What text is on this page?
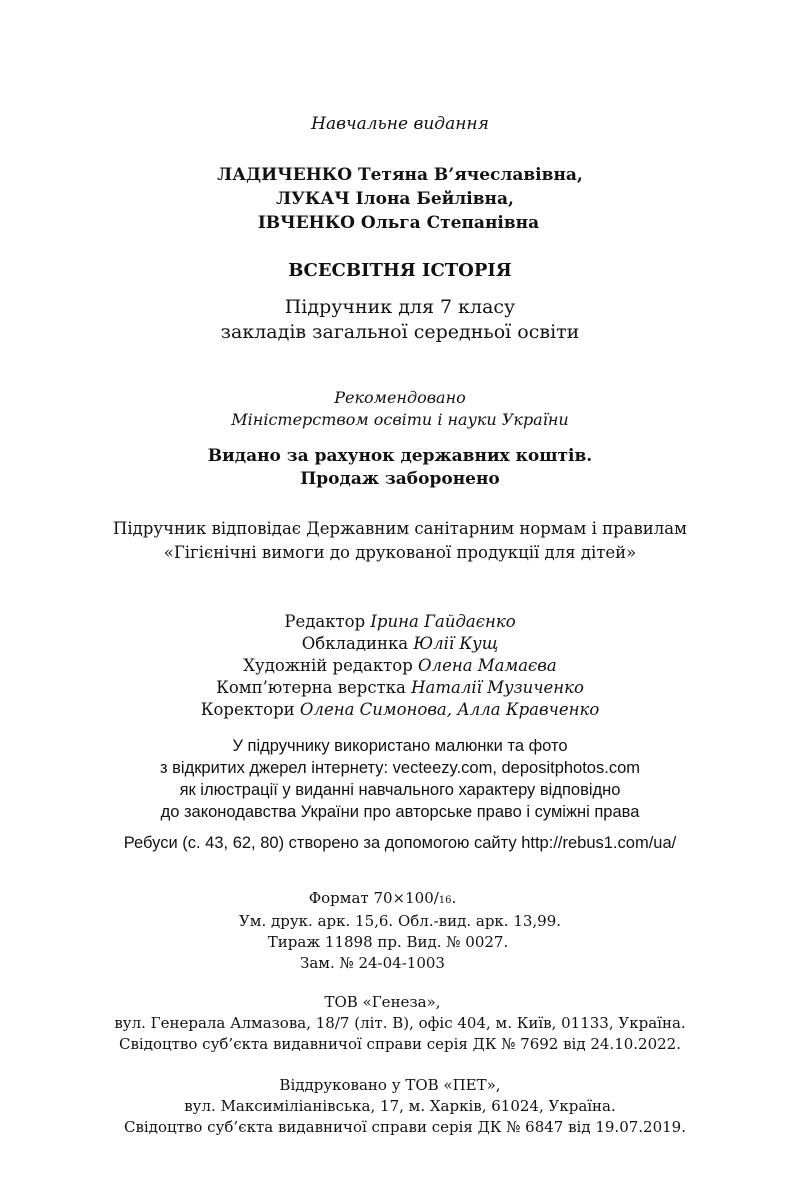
Навчальне видання
ЛАДИЧЕНКО Тетяна В’ячеславівна,
ЛУКАЧ Ілона Бейлівна,
ІВЧЕНКО Ольга Степанівна
ВСЕСВІТНЯ ІСТОРІЯ
Підручник для 7 класу
закладів загальної середньої освіти
Рекомендовано
Міністерством освіти і науки України
Видано за рахунок державних коштів.
Продаж заборонено
Підручник відповідає Державним санітарним нормам і правилам
«Гігієнічні вимоги до друкованої продукції для дітей»
Редактор Ірина Гайдаєнко
Обкладинка Юлії Кущ
Художній редактор Олена Мамаєва
Комп’ютерна верстка Наталії Музиченко
Коректори Олена Симонова, Алла Кравченко
У підручнику використано малюнки та фото
з відкритих джерел інтернету: vecteezy.com, depositphotos.com
як ілюстрації у виданні навчального характеру відповідно
до законодавства України про авторське право і суміжні права
Ребуси (с. 43, 62, 80) створено за допомогою сайту http://rebus1.com/ua/
Формат 70×100/16.
Ум. друк. арк. 15,6. Обл.-вид. арк. 13,99.
Тираж 11898 пр. Вид. № 0027.
Зам. № 24-04-1003
ТОВ «Генеза»,
вул. Генерала Алмазова, 18/7 (літ. В), офіс 404, м. Київ, 01133, Україна.
Свідоцтво суб’єкта видавничої справи серія ДК № 7692 від 24.10.2022.
Віддруковано у ТОВ «ПЕТ»,
вул. Максиміліанівська, 17, м. Харків, 61024, Україна.
Свідоцтво суб’єкта видавничої справи серія ДК № 6847 від 19.07.2019.
